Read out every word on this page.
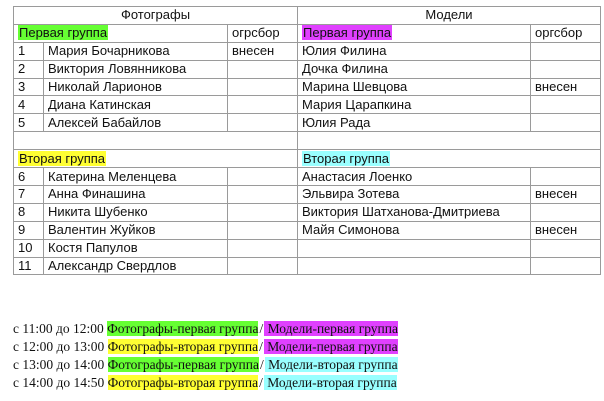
Фотографы			Модели	
Первая группа		огрсбор	Первая группа	оргсбор
1	Мария Бочарникова	внесен	Юлия Филина	
2	Виктория Ловянникова		Дочка Филина	
3	Николай Ларионов		Марина Шевцова	внесен
4	Диана Катинская		Мария Царапкина	
5	Алексей Бабайлов		Юлия Рада	

Вторая группа			Вторая группа	
6	Катерина Меленцева		Анастасия Лоенко	
7	Анна Финашина		Эльвира Зотева	внесен
8	Никита Шубенко		Виктория Шатханова-Дмитриева	
9	Валентин Жуйков		Майя Симонова	внесен
10	Костя Папулов			
11	Александр Свердлов			
с 11:00 до 12:00 Фотографы-первая группа/ Модели-первая группа
с 12:00 до 13:00 Фотографы-вторая группа/ Модели-первая группа
с 13:00 до 14:00 Фотографы-первая группа/ Модели-вторая группа
с 14:00 до 14:50 Фотографы-вторая группа/ Модели-вторая группа
